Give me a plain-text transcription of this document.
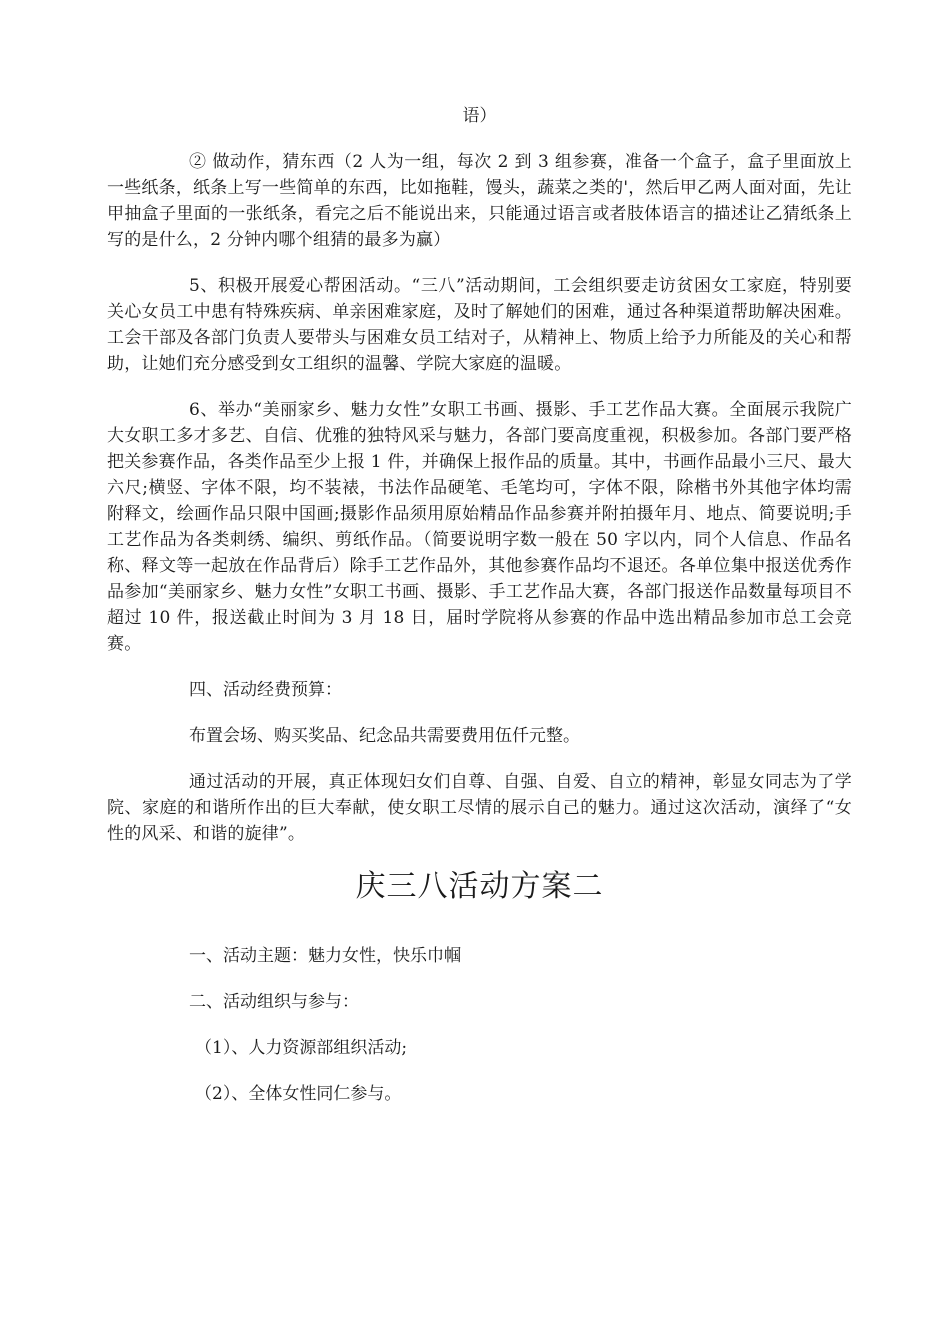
语）

② 做动作，猜东西（2 人为一组，每次 2 到 3 组参赛，准备一个盒子，盒子里面放上一些纸条，纸条上写一些简单的东西，比如拖鞋，馒头，蔬菜之类的'，然后甲乙两人面对面，先让甲抽盒子里面的一张纸条，看完之后不能说出来，只能通过语言或者肢体语言的描述让乙猜纸条上写的是什么，2 分钟内哪个组猜的最多为赢）

5、积极开展爱心帮困活动。“三八”活动期间，工会组织要走访贫困女工家庭，特别要关心女员工中患有特殊疾病、单亲困难家庭，及时了解她们的困难，通过各种渠道帮助解决困难。工会干部及各部门负责人要带头与困难女员工结对子，从精神上、物质上给予力所能及的关心和帮助，让她们充分感受到女工组织的温馨、学院大家庭的温暖。

6、举办“美丽家乡、魅力女性”女职工书画、摄影、手工艺作品大赛。全面展示我院广大女职工多才多艺、自信、优雅的独特风采与魅力，各部门要高度重视，积极参加。各部门要严格把关参赛作品，各类作品至少上报 1 件，并确保上报作品的质量。其中，书画作品最小三尺、最大六尺;横竖、字体不限，均不装裱，书法作品硬笔、毛笔均可，字体不限，除楷书外其他字体均需附释文，绘画作品只限中国画;摄影作品须用原始精品作品参赛并附拍摄年月、地点、简要说明;手工艺作品为各类刺绣、编织、剪纸作品。（简要说明字数一般在 50 字以内，同个人信息、作品名称、释文等一起放在作品背后）除手工艺作品外，其他参赛作品均不退还。各单位集中报送优秀作品参加“美丽家乡、魅力女性”女职工书画、摄影、手工艺作品大赛，各部门报送作品数量每项目不超过 10 件，报送截止时间为 3 月 18 日，届时学院将从参赛的作品中选出精品参加市总工会竞赛。

四、活动经费预算：

布置会场、购买奖品、纪念品共需要费用伍仟元整。

通过活动的开展，真正体现妇女们自尊、自强、自爱、自立的精神，彰显女同志为了学院、家庭的和谐所作出的巨大奉献，使女职工尽情的展示自己的魅力。通过这次活动，演绎了“女性的风采、和谐的旋律”。

庆三八活动方案二

一、活动主题：魅力女性，快乐巾帼

二、活动组织与参与：

（1）、人力资源部组织活动;

（2）、全体女性同仁参与。
